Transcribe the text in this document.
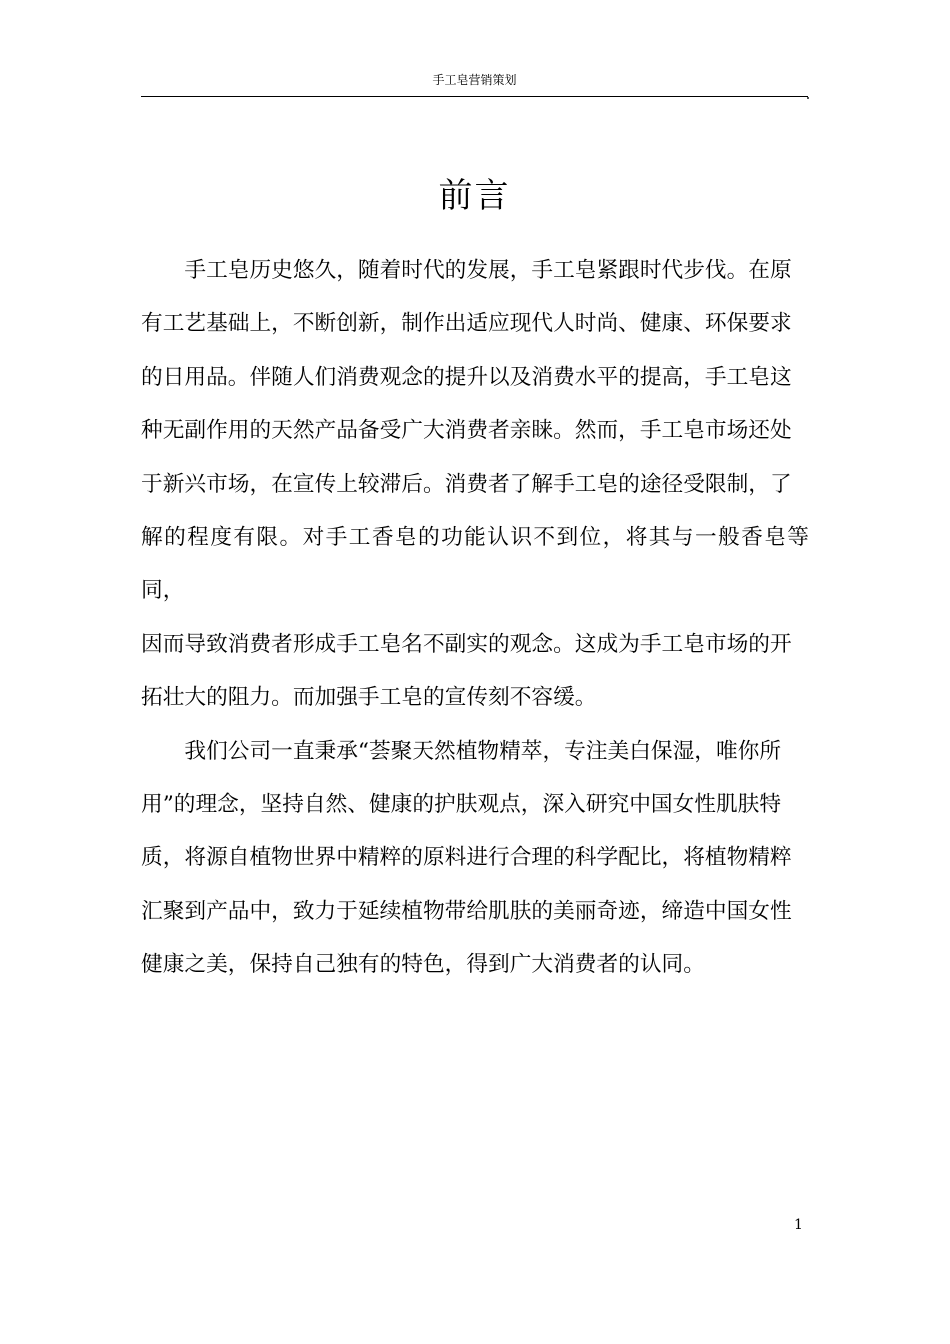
手工皂营销策划
前言

手工皂历史悠久，随着时代的发展，手工皂紧跟时代步伐。在原
有工艺基础上，不断创新，制作出适应现代人时尚、健康、环保要求
的日用品。伴随人们消费观念的提升以及消费水平的提高，手工皂这
种无副作用的天然产品备受广大消费者亲睐。然而，手工皂市场还处
于新兴市场，在宣传上较滞后。消费者了解手工皂的途径受限制，了
解的程度有限。对手工香皂的功能认识不到位，将其与一般香皂等同，
因而导致消费者形成手工皂名不副实的观念。这成为手工皂市场的开
拓壮大的阻力。而加强手工皂的宣传刻不容缓。

我们公司一直秉承“荟聚天然植物精萃，专注美白保湿，唯你所
用”的理念，坚持自然、健康的护肤观点，深入研究中国女性肌肤特
质，将源自植物世界中精粹的原料进行合理的科学配比，将植物精粹
汇聚到产品中，致力于延续植物带给肌肤的美丽奇迹，缔造中国女性
健康之美，保持自己独有的特色，得到广大消费者的认同。

1
